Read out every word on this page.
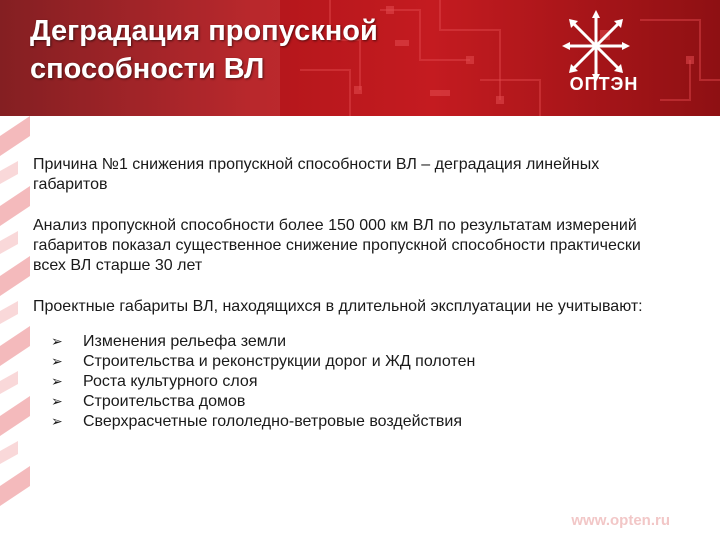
Деградация пропускной
способности ВЛ	ОПТЭН

Причина №1 снижения пропускной способности ВЛ – деградация линейных габаритов

Анализ пропускной способности более 150 000 км ВЛ по результатам измерений габаритов показал существенное снижение пропускной способности практически всех ВЛ старше 30 лет

Проектные габариты ВЛ, находящихся в длительной эксплуатации не учитывают:

➢	Изменения рельефа земли
➢	Строительства и реконструкции дорог и ЖД полотен
➢	Роста культурного слоя
➢	Строительства домов
➢	Сверхрасчетные гололедно-ветровые воздействия
www.opten.ru
